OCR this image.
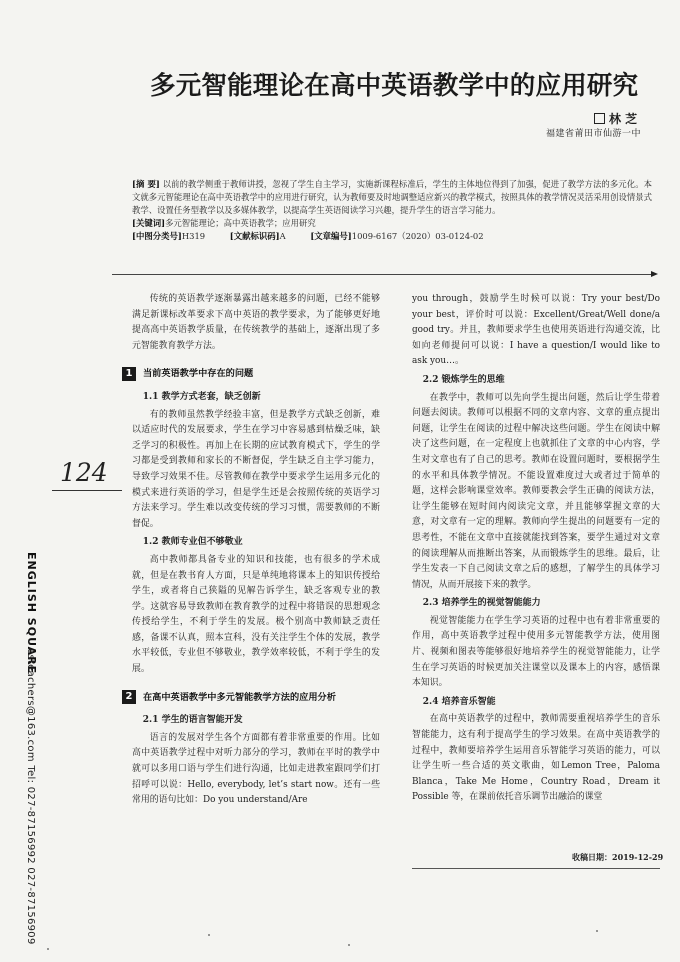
多元智能理论在高中英语教学中的应用研究
林 芝
福建省莆田市仙游一中

[摘 要] 以前的教学侧重于教师讲授，忽视了学生自主学习，实施新课程标准后，学生的主体地位得到了加强，促进了教学方法的多元化。本文就多元智能理论在高中英语教学中的应用进行研究，认为教师要及时地调整适应新兴的教学模式，按照具体的教学情况灵活采用创设情景式教学、设置任务型教学以及多媒体教学，以提高学生英语阅读学习兴趣，提升学生的语言学习能力。

[关键词]多元智能理论；高中英语教学；应用研究

[中图分类号]H319	[文献标识码]A	[文章编号]1009-6167（2020）03-0124-02

传统的英语教学逐渐暴露出越来越多的问题，已经不能够满足新课标改革要求下高中英语的教学要求，为了能够更好地提高高中英语教学质量，在传统教学的基础上，逐渐出现了多元智能教育教学方法。

1	当前英语教学中存在的问题
1.1 教学方式老套，缺乏创新

有的教师虽然教学经验丰富，但是教学方式缺乏创新，难以适应时代的发展要求，学生在学习中容易感到枯燥乏味，缺乏学习的积极性。再加上在长期的应试教育模式下，学生的学习都是受到教师和家长的不断督促，学生缺乏自主学习能力，导致学习效果不佳。尽管教师在教学中要求学生运用多元化的模式来进行英语的学习，但是学生还是会按照传统的英语学习方法来学习。学生难以改变传统的学习习惯，需要教师的不断督促。

1.2 教师专业但不够敬业

高中教师都具备专业的知识和技能，也有很多的学术成就，但是在教书育人方面，只是单纯地将课本上的知识传授给学生，或者将自己狭隘的见解告诉学生，缺乏客观专业的教学。这就容易导致教师在教育教学的过程中将错误的思想观念传授给学生，不利于学生的发展。极个别高中教师缺乏责任感，备课不认真，照本宣科，没有关注学生个体的发展，教学水平较低，专业但不够敬业，教学效率较低，不利于学生的发展。

2	在高中英语教学中多元智能教学方法的应用分析
2.1 学生的语言智能开发

语言的发展对学生各个方面都有着非常重要的作用。比如高中英语教学过程中对听力部分的学习，教师在平时的教学中就可以多用口语与学生们进行沟通，比如走进教室跟同学们打招呼可以说：Hello, everybody, let’s start now。还有一些常用的语句比如：Do you understand/Are

you through，鼓励学生时候可以说：Try your best/Do your best，评价时可以说：Excellent/Great/Well done/a good try。并且，教师要求学生也使用英语进行沟通交流，比如向老师提问可以说：I have a question/I would like to ask you…。

2.2 锻炼学生的思维

在教学中，教师可以先向学生提出问题，然后让学生带着问题去阅读。教师可以根据不同的文章内容、文章的重点提出问题，让学生在阅读的过程中解决这些问题。学生在阅读中解决了这些问题，在一定程度上也就抓住了文章的中心内容，学生对文章也有了自己的思考。教师在设置问题时，要根据学生的水平和具体教学情况。不能设置难度过大或者过于简单的题，这样会影响课堂效率。教师要教会学生正确的阅读方法，让学生能够在短时间内阅读完文章，并且能够掌握文章的大意，对文章有一定的理解。教师向学生提出的问题要有一定的思考性，不能在文章中直接就能找到答案，要学生通过对文章的阅读理解从而推断出答案，从而锻炼学生的思维。最后，让学生发表一下自己阅读文章之后的感想，了解学生的具体学习情况，从而开展接下来的教学。

2.3 培养学生的视觉智能能力

视觉智能能力在学生学习英语的过程中也有着非常重要的作用，高中英语教学过程中使用多元智能教学方法，使用图片、视频和图表等能够很好地培养学生的视觉智能能力，让学生在学习英语的时候更加关注课堂以及课本上的内容，感悟课本知识。

2.4 培养音乐智能

在高中英语教学的过程中，教师需要重视培养学生的音乐智能能力，这有利于提高学生的学习效果。在高中英语教学的过程中，教师要培养学生运用音乐智能学习英语的能力，可以让学生听一些合适的英文歌曲，如Lemon Tree，Paloma Blanca，Take Me Home，Country Road，Dream it Possible 等，在课前依托音乐调节出融洽的课堂

124
ENGLISH SQUARE
esteachers@163.com Tel: 027-87156992 027-87156909	收稿日期：2019-12-29
